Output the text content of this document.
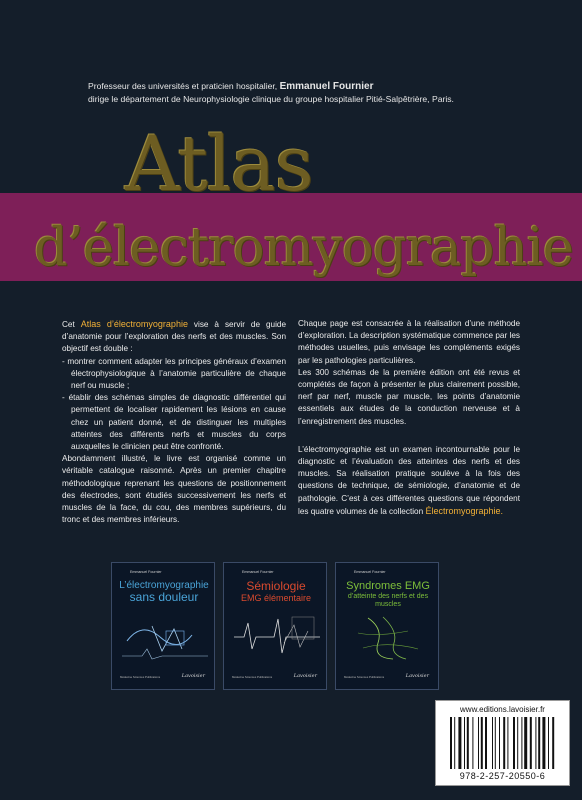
Professeur des universités et praticien hospitalier, Emmanuel Fournier
dirige le département de Neurophysiologie clinique du groupe hospitalier Pitié-Salpêtrière, Paris.
Atlas
d’électromyographie

Cet Atlas d’électromyographie vise à servir de guide d’anatomie pour l’exploration des nerfs et des muscles. Son objectif est double :

- montrer comment adapter les principes généraux d’examen électrophysiologique à l’anatomie particulière de chaque nerf ou muscle ;
- établir des schémas simples de diagnostic différentiel qui permettent de localiser rapidement les lésions en cause chez un patient donné, et de distinguer les multiples atteintes des différents nerfs et muscles du corps auxquelles le clinicien peut être confronté.

Abondamment illustré, le livre est organisé comme un véritable catalogue raisonné. Après un premier chapitre méthodologique reprenant les questions de positionnement des électrodes, sont étudiés successivement les nerfs et muscles de la face, du cou, des membres supérieurs, du tronc et des membres inférieurs.

Chaque page est consacrée à la réalisation d’une méthode d’exploration. La description systématique commence par les méthodes usuelles, puis envisage les compléments exigés par les pathologies particulières.

Les 300 schémas de la première édition ont été revus et complétés de façon à présenter le plus clairement possible, nerf par nerf, muscle par muscle, les points d’anatomie essentiels aux études de la conduction nerveuse et à l’enregistrement des muscles.

L’électromyographie est un examen incontournable pour le diagnostic et l’évaluation des atteintes des nerfs et des muscles. Sa réalisation pratique soulève à la fois des questions de technique, de sémiologie, d’anatomie et de pathologie. C’est à ces différentes questions que répondent les quatre volumes de la collection Électromyographie.

Emmanuel Fournier
L’électromyographie
sans douleur
Médecine Sciences Publications	Lavoisier
Emmanuel Fournier
Sémiologie
EMG élémentaire
Médecine Sciences Publications	Lavoisier
Emmanuel Fournier
Syndromes EMG
d’atteinte des nerfs et des muscles
Médecine Sciences Publications	Lavoisier
www.editions.lavoisier.fr
978-2-257-20550-6
